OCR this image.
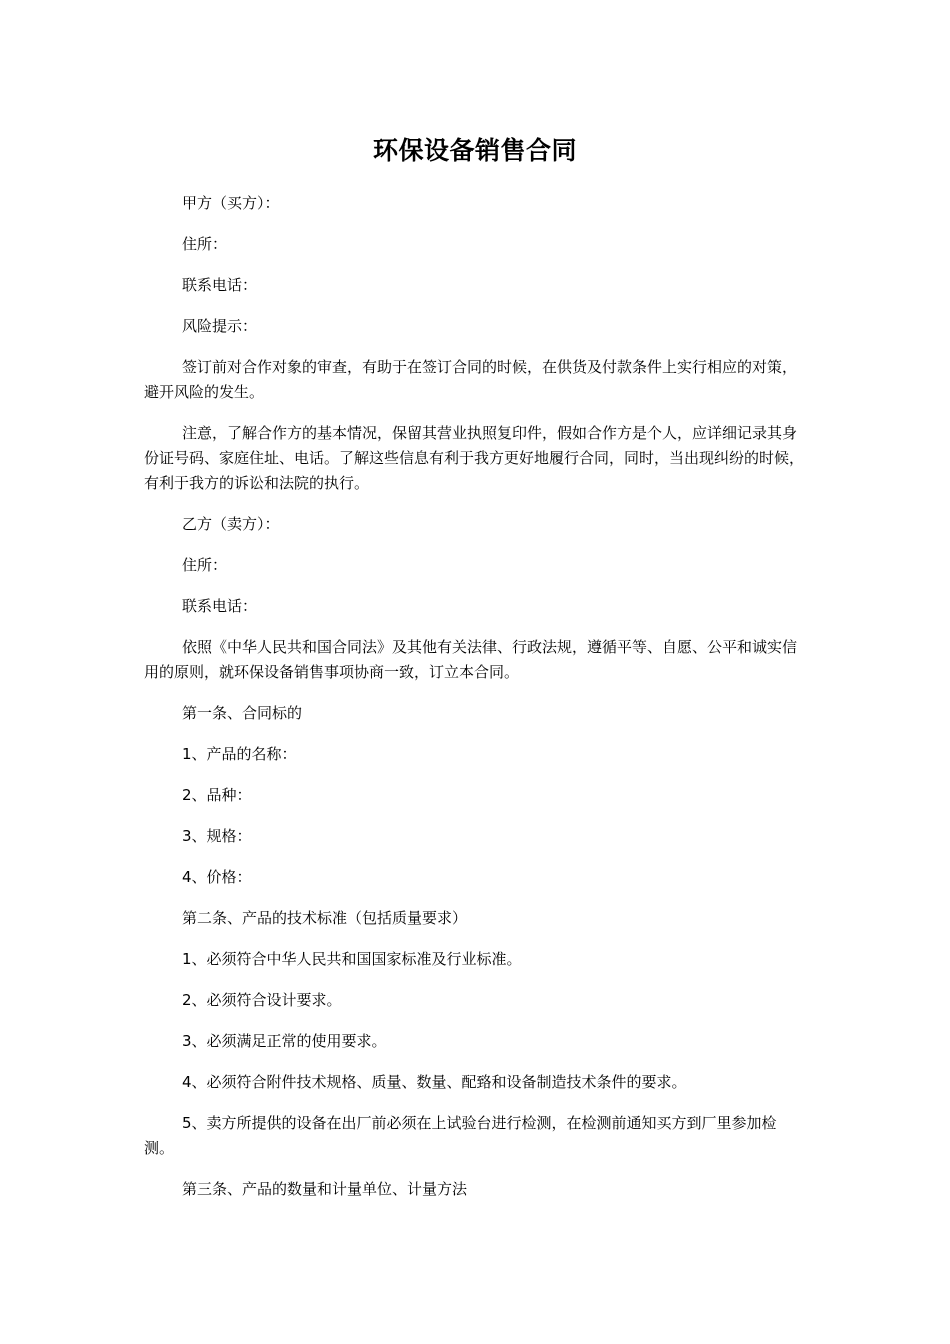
环保设备销售合同

甲方（买方）：

住所：

联系电话：

风险提示：

签订前对合作对象的审查，有助于在签订合同的时候，在供货及付款条件上实行相应的对策，避开风险的发生。

注意，了解合作方的基本情况，保留其营业执照复印件，假如合作方是个人，应详细记录其身份证号码、家庭住址、电话。了解这些信息有利于我方更好地履行合同，同时，当出现纠纷的时候，有利于我方的诉讼和法院的执行。

乙方（卖方）：

住所：

联系电话：

依照《中华人民共和国合同法》及其他有关法律、行政法规，遵循平等、自愿、公平和诚实信用的原则，就环保设备销售事项协商一致，订立本合同。

第一条、合同标的

1、产品的名称：

2、品种：

3、规格：

4、价格：

第二条、产品的技术标准（包括质量要求）

1、必须符合中华人民共和国国家标准及行业标准。

2、必须符合设计要求。

3、必须满足正常的使用要求。

4、必须符合附件技术规格、质量、数量、配臵和设备制造技术条件的要求。

5、卖方所提供的设备在出厂前必须在上试验台进行检测，在检测前通知买方到厂里参加检测。

第三条、产品的数量和计量单位、计量方法
